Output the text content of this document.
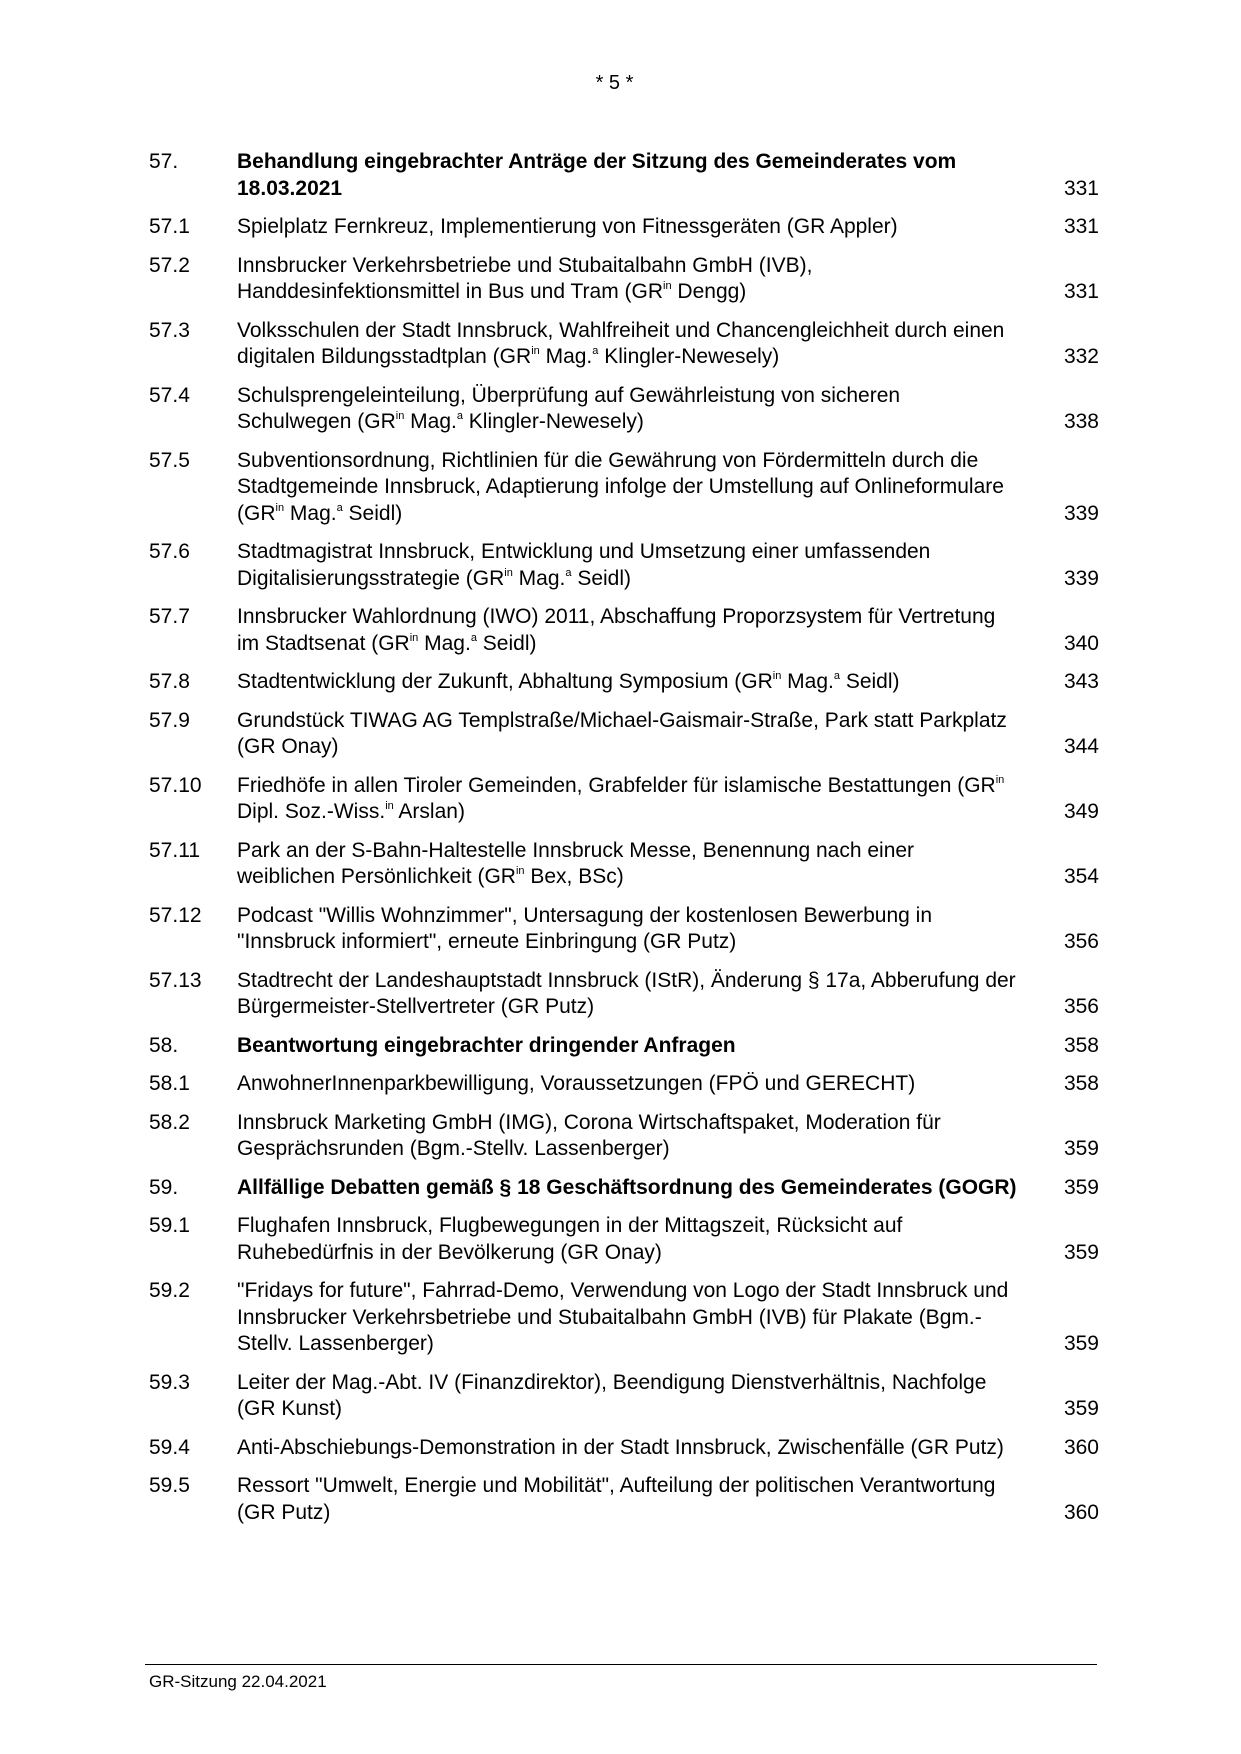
* 5 *
57.	Behandlung eingebrachter Anträge der Sitzung des Gemeinderates vom 18.03.2021	331
57.1	Spielplatz Fernkreuz, Implementierung von Fitnessgeräten (GR Appler)	331
57.2	Innsbrucker Verkehrsbetriebe und Stubaitalbahn GmbH (IVB), Handdesinfektionsmittel in Bus und Tram ($GR^{in}$ Dengg)	331
57.3	Volksschulen der Stadt Innsbruck, Wahlfreiheit und Chancengleichheit durch einen digitalen Bildungsstadtplan ($GR^{in}$ Mag.$^a$ Klingler-Newesely)	332
57.4	Schulsprengeleinteilung, Überprüfung auf Gewährleistung von sicheren Schulwegen ($GR^{in}$ Mag.$^a$ Klingler-Newesely)	338
57.5	Subventionsordnung, Richtlinien für die Gewährung von Fördermitteln durch die Stadtgemeinde Innsbruck, Adaptierung infolge der Umstellung auf Onlineformulare ($GR^{in}$ Mag.$^a$ Seidl)	339
57.6	Stadtmagistrat Innsbruck, Entwicklung und Umsetzung einer umfassenden Digitalisierungsstrategie ($GR^{in}$ Mag.$^a$ Seidl)	339
57.7	Innsbrucker Wahlordnung (IWO) 2011, Abschaffung Proporzsystem für Vertretung im Stadtsenat ($GR^{in}$ Mag.$^a$ Seidl)	340
57.8	Stadtentwicklung der Zukunft, Abhaltung Symposium ($GR^{in}$ Mag.$^a$ Seidl)	343
57.9	Grundstück TIWAG AG Templstraße/Michael-Gaismair-Straße, Park statt Parkplatz (GR Onay)	344
57.10	Friedhöfe in allen Tiroler Gemeinden, Grabfelder für islamische Bestattungen ($GR^{in}$ Dipl. Soz.-Wiss.$^{in}$ Arslan)	349
57.11	Park an der S-Bahn-Haltestelle Innsbruck Messe, Benennung nach einer weiblichen Persönlichkeit ($GR^{in}$ Bex, BSc)	354
57.12	Podcast "Willis Wohnzimmer", Untersagung der kostenlosen Bewerbung in "Innsbruck informiert", erneute Einbringung (GR Putz)	356
57.13	Stadtrecht der Landeshauptstadt Innsbruck (IStR), Änderung § 17a, Abberufung der Bürgermeister-Stellvertreter (GR Putz)	356
58.	Beantwortung eingebrachter dringender Anfragen	358
58.1	AnwohnerInnenparkbewilligung, Voraussetzungen (FPÖ und GERECHT)	358
58.2	Innsbruck Marketing GmbH (IMG), Corona Wirtschaftspaket, Moderation für Gesprächsrunden (Bgm.-Stellv. Lassenberger)	359
59.	Allfällige Debatten gemäß § 18 Geschäftsordnung des Gemeinderates (GOGR)	359
59.1	Flughafen Innsbruck, Flugbewegungen in der Mittagszeit, Rücksicht auf Ruhebedürfnis in der Bevölkerung (GR Onay)	359
59.2	"Fridays for future", Fahrrad-Demo, Verwendung von Logo der Stadt Innsbruck und Innsbrucker Verkehrsbetriebe und Stubaitalbahn GmbH (IVB) für Plakate (Bgm.-Stellv. Lassenberger)	359
59.3	Leiter der Mag.-Abt. IV (Finanzdirektor), Beendigung Dienstverhältnis, Nachfolge (GR Kunst)	359
59.4	Anti-Abschiebungs-Demonstration in der Stadt Innsbruck, Zwischenfälle (GR Putz)	360
59.5	Ressort "Umwelt, Energie und Mobilität", Aufteilung der politischen Verantwortung (GR Putz)	360
GR-Sitzung 22.04.2021
